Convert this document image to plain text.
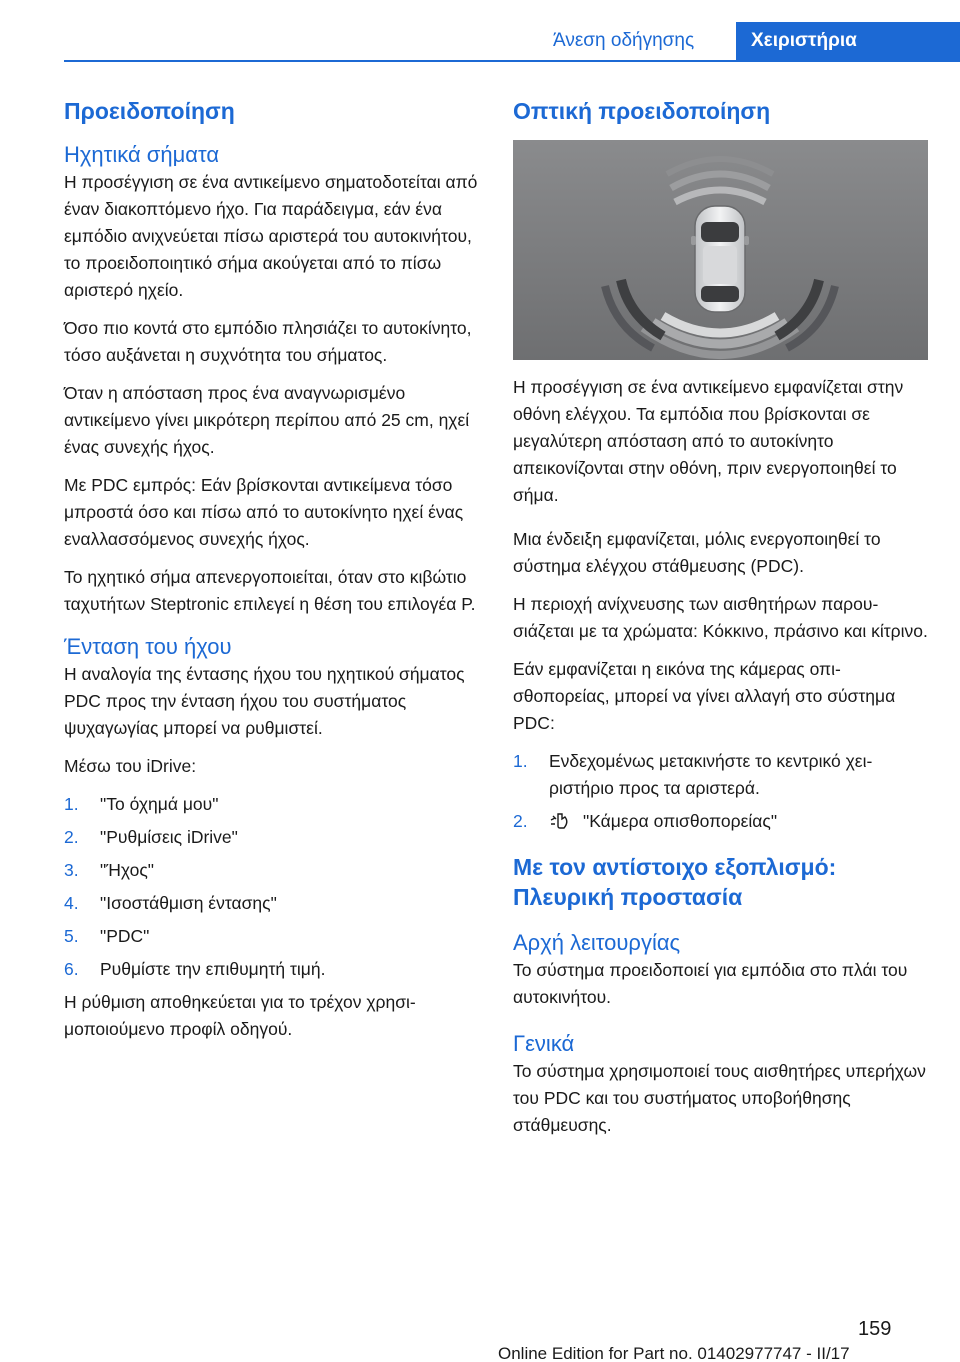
Άνεση οδήγησης	Χειριστήρια
Προειδοποίηση
Ηχητικά σήματα

Η προσέγγιση σε ένα αντικείμενο σηματοδοτείται από έναν διακοπτόμενο ήχο. Για παράδειγμα, εάν ένα εμπόδιο ανιχνεύεται πίσω αριστερά του αυτοκινήτου, το προειδοποιητικό σήμα ακούγεται από το πίσω αριστερό ηχείο.

Όσο πιο κοντά στο εμπόδιο πλησιάζει το αυτοκίνητο, τόσο αυξάνεται η συχνότητα του σήματος.

Όταν η απόσταση προς ένα αναγνωρισμένο αντικείμενο γίνει μικρότερη περίπου από 25 cm, ηχεί ένας συνεχής ήχος.

Με PDC εμπρός: Εάν βρίσκονται αντικείμενα τόσο μπροστά όσο και πίσω από το αυτοκίνητο ηχεί ένας εναλλασσόμενος συνεχής ήχος.

Το ηχητικό σήμα απενεργοποιείται, όταν στο κιβώτιο ταχυτήτων Steptronic επιλεγεί η θέση του επιλογέα P.

Ένταση του ήχου

Η αναλογία της έντασης ήχου του ηχητικού σήματος PDC προς την ένταση ήχου του συστήματος ψυχαγωγίας μπορεί να ρυθμιστεί.

Μέσω του iDrive:

1. "Το όχημά μου"
2. "Ρυθμίσεις iDrive"
3. "Ήχος"
4. "Ισοστάθμιση έντασης"
5. "PDC"
6. Ρυθμίστε την επιθυμητή τιμή.

Η ρύθμιση αποθηκεύεται για το τρέχον χρησιμοποιούμενο προφίλ οδηγού.

Οπτική προειδοποίηση

Η προσέγγιση σε ένα αντικείμενο εμφανίζεται στην οθόνη ελέγχου. Τα εμπόδια που βρίσκονται σε μεγαλύτερη απόσταση από το αυτοκίνητο απεικονίζονται στην οθόνη, πριν ενεργοποιηθεί το σήμα.

Μια ένδειξη εμφανίζεται, μόλις ενεργοποιηθεί το σύστημα ελέγχου στάθμευσης (PDC).

Η περιοχή ανίχνευσης των αισθητήρων παρουσιάζεται με τα χρώματα: Κόκκινο, πράσινο και κίτρινο.

Εάν εμφανίζεται η εικόνα της κάμερας οπισθοπορείας, μπορεί να γίνει αλλαγή στο σύστημα PDC:

1. Ενδεχομένως μετακινήστε το κεντρικό χειριστήριο προς τα αριστερά.
2.	"Κάμερα οπισθοπορείας"
Με τον αντίστοιχο εξοπλισμό: Πλευρική προστασία
Αρχή λειτουργίας

Το σύστημα προειδοποιεί για εμπόδια στο πλάι του αυτοκινήτου.

Γενικά

Το σύστημα χρησιμοποιεί τους αισθητήρες υπερήχων του PDC και του συστήματος υποβοήθησης στάθμευσης.

159
Online Edition for Part no. 01402977747 - II/17
